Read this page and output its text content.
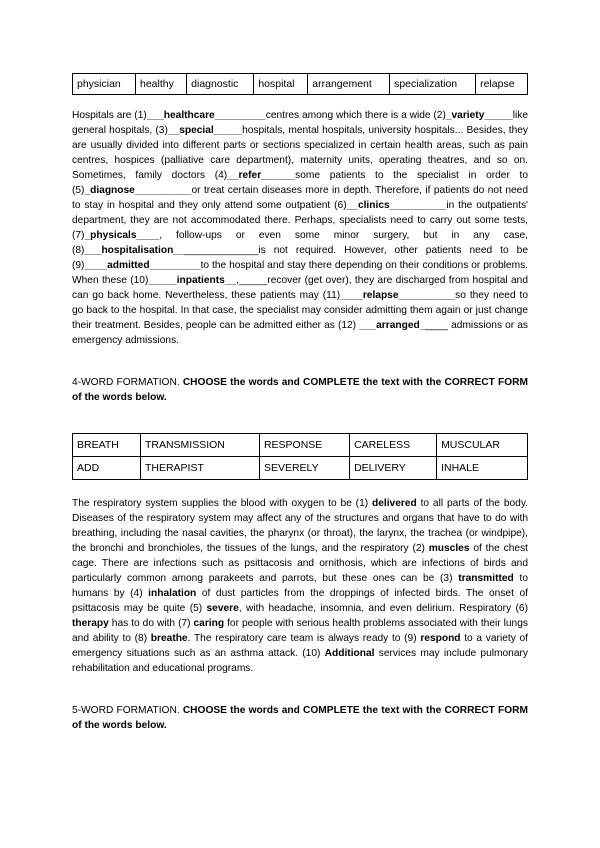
physician	healthy	diagnostic	hospital	arrangement	specialization	relapse

Hospitals are (1)___healthcare_________centres among which there is a wide (2)_variety_____like general hospitals, (3)__special_____hospitals, mental hospitals, university hospitals... Besides, they are usually divided into different parts or sections specialized in certain health areas, such as pain centres, hospices (palliative care department), maternity units, operating theatres, and so on. Sometimes, family doctors (4)__refer______some patients to the specialist in order to (5)_diagnose__________or treat certain diseases more in depth. Therefore, if patients do not need to stay in hospital and they only attend some outpatient (6)__clinics__________in the outpatients' department, they are not accommodated there. Perhaps, specialists need to carry out some tests, (7)_physicals____, follow-ups or even some minor surgery, but in any case, (8)___hospitalisation_______________is not required. However, other patients need to be (9)____admitted_________to the hospital and stay there depending on their conditions or problems. When these (10)_____inpatients__,_____recover (get over), they are discharged from hospital and can go back home. Nevertheless, these patients may (11)____relapse__________so they need to go back to the hospital. In that case, the specialist may consider admitting them again or just change their treatment. Besides, people can be admitted either as (12) ___arranged_____ admissions or as emergency admissions.

4-WORD FORMATION. CHOOSE the words and COMPLETE the text with the CORRECT FORM of the words below.

BREATH	TRANSMISSION	RESPONSE	CARELESS	MUSCULAR
ADD	THERAPIST	SEVERELY	DELIVERY	INHALE

The respiratory system supplies the blood with oxygen to be (1) delivered to all parts of the body. Diseases of the respiratory system may affect any of the structures and organs that have to do with breathing, including the nasal cavities, the pharynx (or throat), the larynx, the trachea (or windpipe), the bronchi and bronchioles, the tissues of the lungs, and the respiratory (2) muscles of the chest cage. There are infections such as psittacosis and ornithosis, which are infections of birds and particularly common among parakeets and parrots, but these ones can be (3) transmitted to humans by (4) inhalation of dust particles from the droppings of infected birds. The onset of psittacosis may be quite (5) severe, with headache, insomnia, and even delirium. Respiratory (6) therapy has to do with (7) caring for people with serious health problems associated with their lungs and ability to (8) breathe. The respiratory care team is always ready to (9) respond to a variety of emergency situations such as an asthma attack. (10) Additional services may include pulmonary rehabilitation and educational programs.

5-WORD FORMATION. CHOOSE the words and COMPLETE the text with the CORRECT FORM of the words below.
